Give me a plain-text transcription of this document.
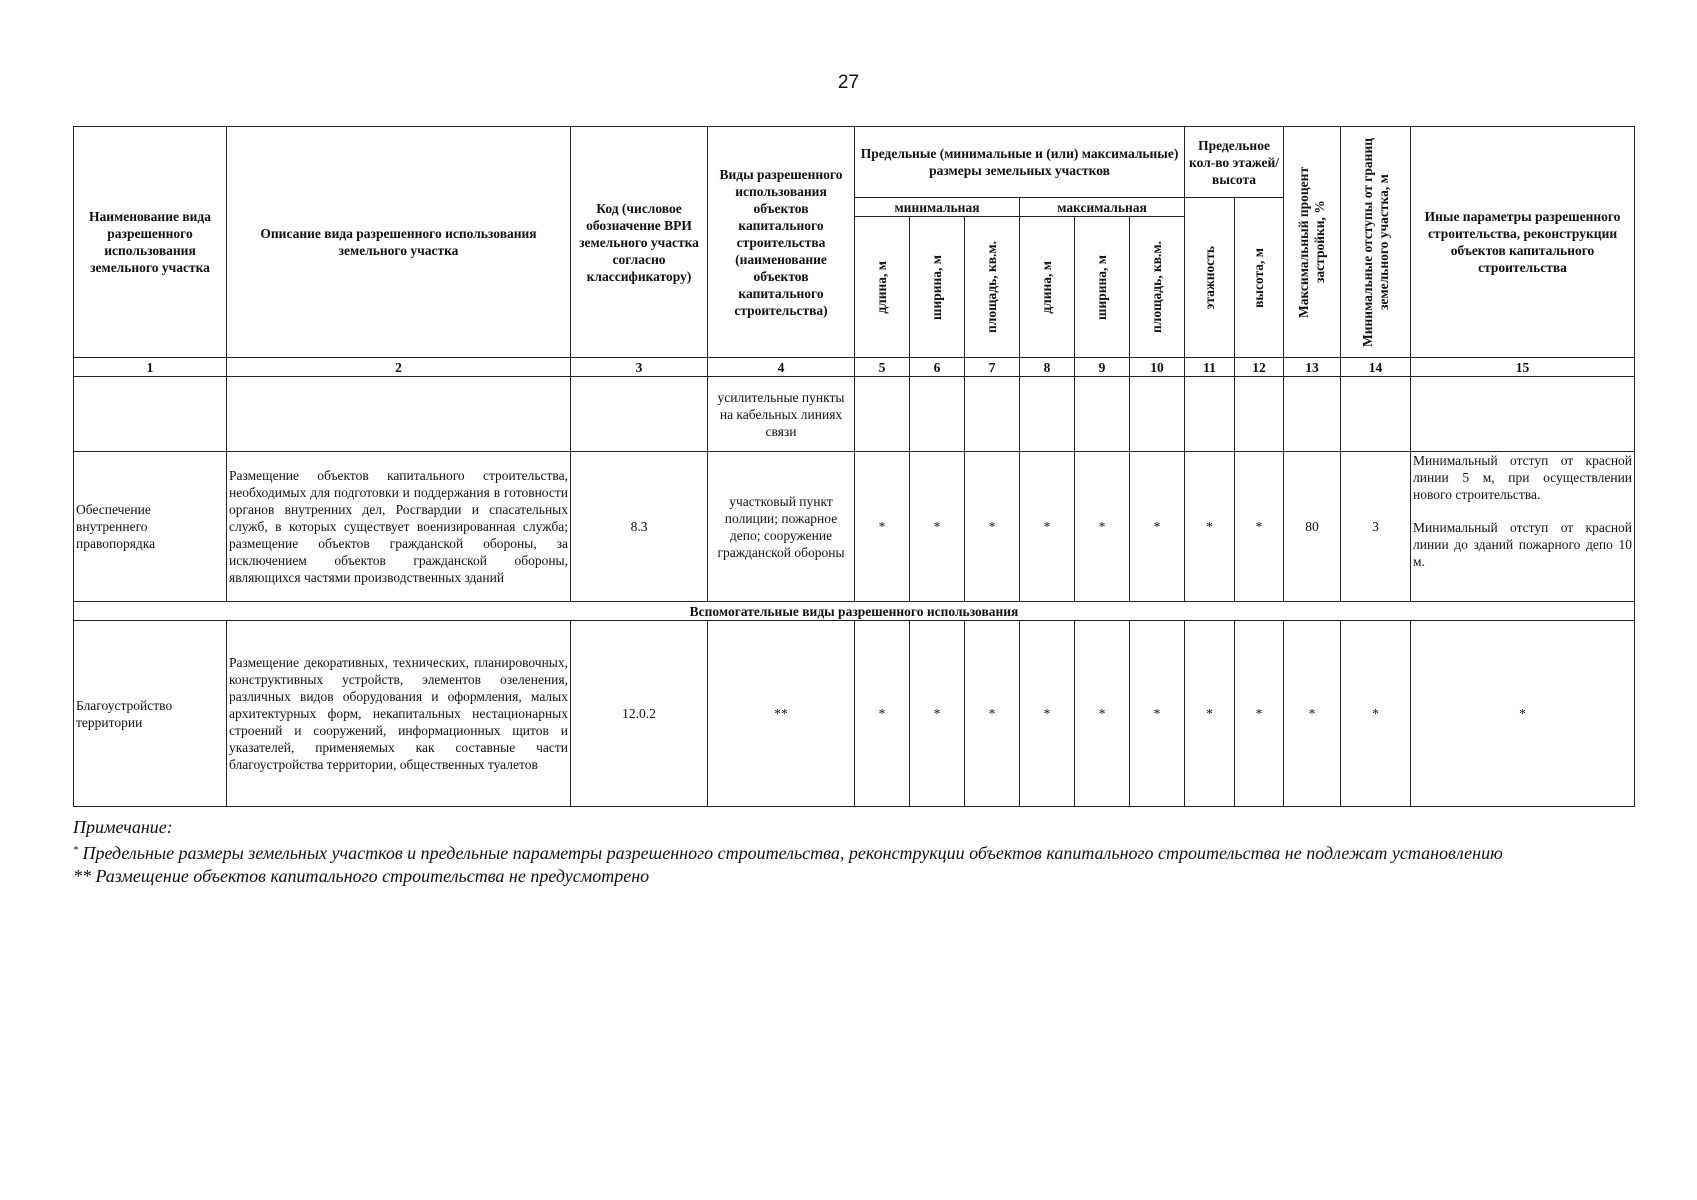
27
Наименование вида разрешенного использования земельного участка	Описание вида разрешенного использования земельного участка	Код (числовое обозначение ВРИ земельного участка согласно классификатору)	Виды разрешенного использования объектов капитального строительства (наименование объектов капитального строительства)	Предельные (минимальные и (или) максимальные) размеры земельных участков						Предельное кол-во этажей/ высота		Максимальный процент застройки, %	Минимальные отступы от границ земельного участка, м	Иные параметры разрешенного строительства, реконструкции объектов капитального строительства
				минимальная			максимальная			этажность	высота, м			

				длина, м	ширина, м	площадь, кв.м.	длина, м	ширина, м	площадь, кв.м.					

1	2	3	4	5	6	7	8	9	10	11	12	13	14	15
			усилительные пункты на кабельных линиях связи											
Обеспечение внутреннего правопорядка	Размещение объектов капитального строительства, необходимых для подготовки и поддержания в готовности органов внутренних дел, Росгвардии и спасательных служб, в которых существует военизированная служба; размещение объектов гражданской обороны, за исключением объектов гражданской обороны, являющихся частями производственных зданий	8.3	участковый пункт полиции; пожарное депо; сооружение гражданской обороны	*	*	*	*	*	*	*	*	80	3	Минимальный отступ от красной линии 5 м, при осуществлении нового строительства.
Минимальный отступ от красной линии до зданий пожарного депо 10 м.

Вспомогательные виды разрешенного использования														
Благоустройство территории	Размещение декоративных, технических, планировочных, конструктивных устройств, элементов озеленения, различных видов оборудования и оформления, малых архитектурных форм, некапитальных нестационарных строений и сооружений, информационных щитов и указателей, применяемых как составные части благоустройства территории, общественных туалетов	12.0.2	**	*	*	*	*	*	*	*	*	*	*	*

Примечание:

* Предельные размеры земельных участков и предельные параметры разрешенного строительства, реконструкции объектов капитального строительства не подлежат установлению

** Размещение объектов капитального строительства не предусмотрено
